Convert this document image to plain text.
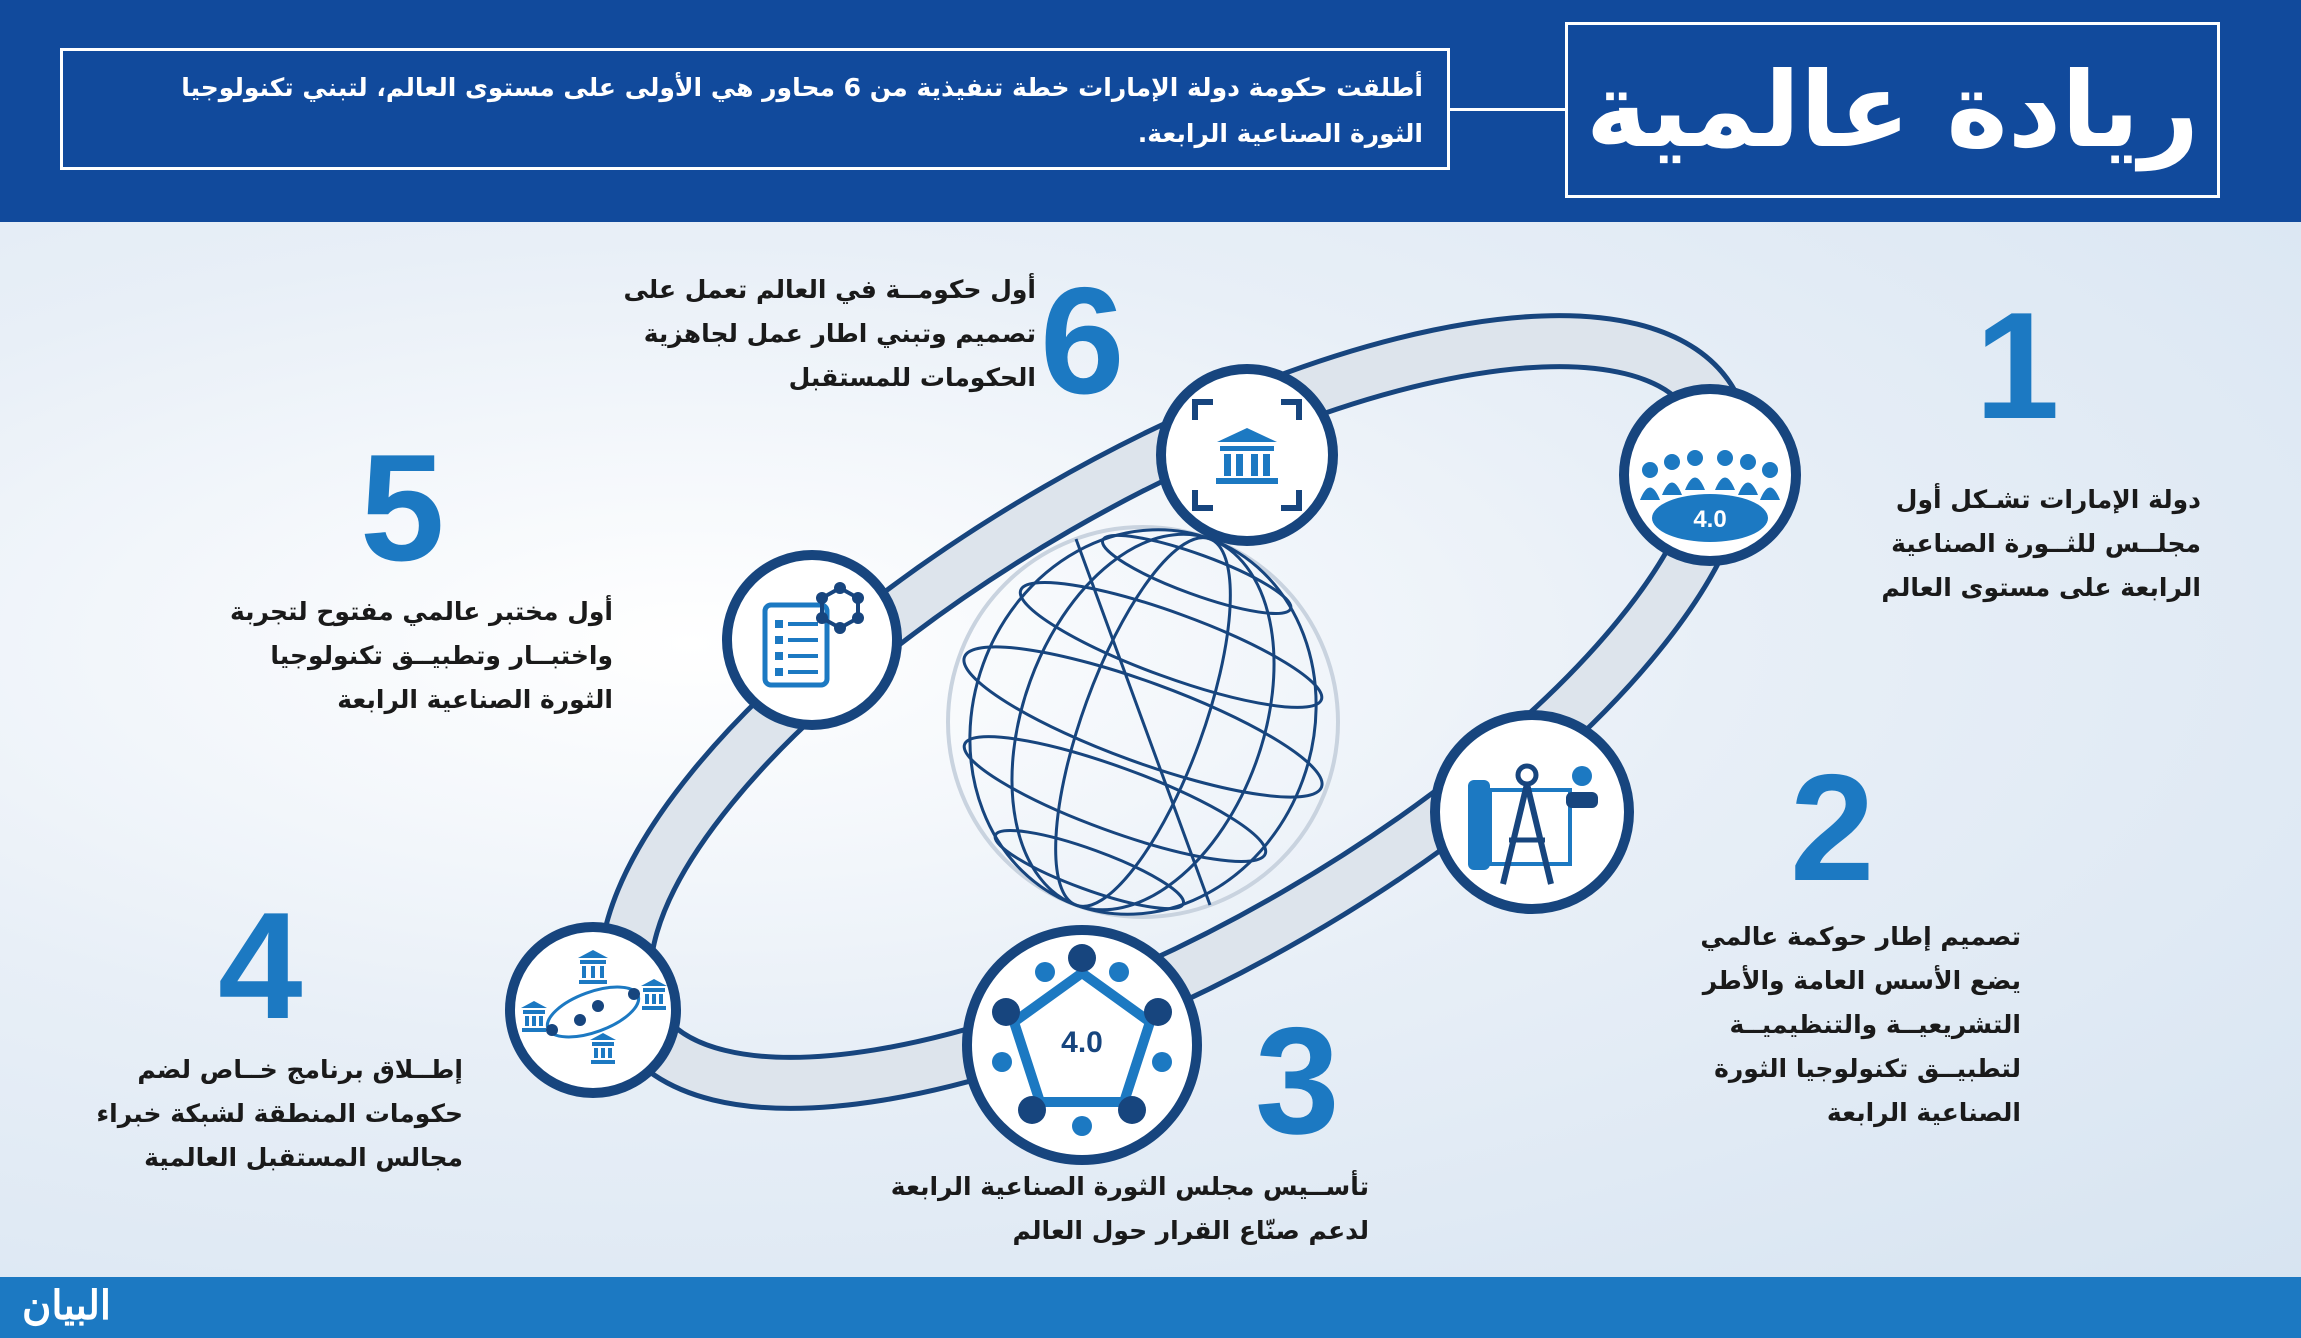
ريادة عالمية
أطلقت حكومة دولة الإمارات خطة تنفيذية من 6 محاور هي الأولى على مستوى العالم، لتبني تكنولوجيا
الثورة الصناعية الرابعة.
البيان
4.0
4.0
1
دولة الإمارات تشـكل أول
مجلــس للثــورة الصناعية
الرابعة على مستوى العالم
2
تصميم إطار حوكمة عالمي
يضع الأسس العامة والأطر
التشريعيــة والتنظيميــة
لتطبيــق تكنولوجيا الثورة
الصناعية الرابعة
3
تأســيس مجلس الثورة الصناعية الرابعة
لدعم صنّاع القرار حول العالم
4
إطــلاق برنامج خــاص لضم
حكومات المنطقة لشبكة خبراء
مجالس المستقبل العالمية
5
أول مختبر عالمي مفتوح لتجربة
واختبــار وتطبيــق تكنولوجيا
الثورة الصناعية الرابعة
6
أول حكومــة في العالم تعمل على
تصميم وتبني اطار عمل لجاهزية
الحكومات للمستقبل
